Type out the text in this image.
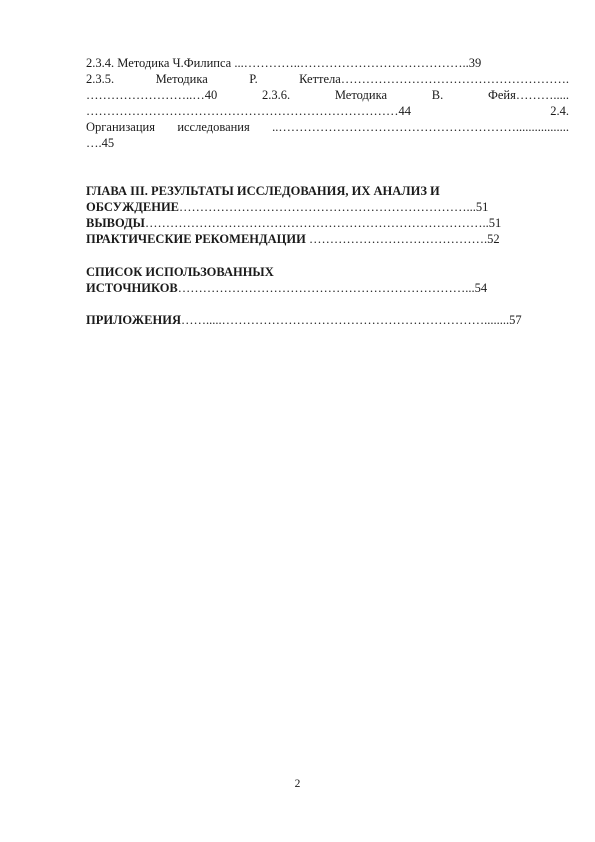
2.3.4. Методика Ч.Филипса ...…………..…………………………………..39
2.3.5.	Методика	Р.	Кеттела……………………………………………….
……………………..…40	2.3.6.	Методика	В.	Фейя……….....
…………………………………………………………………44	2.4.
Организация исследования ..………………………………………………….................
….45
ГЛАВА III. РЕЗУЛЬТАТЫ ИССЛЕДОВАНИЯ, ИХ АНАЛИЗ И
ОБСУЖДЕНИЕ……………………………………………………………...51
ВЫВОДЫ………………………………………………………………………..51
ПРАКТИЧЕСКИЕ РЕКОМЕНДАЦИИ …………………………………….52
СПИСОК ИСПОЛЬЗОВАННЫХ
ИСТОЧНИКОВ……………………………………………………………...54
ПРИЛОЖЕНИЯ…….....………………………………………………………........57
2
